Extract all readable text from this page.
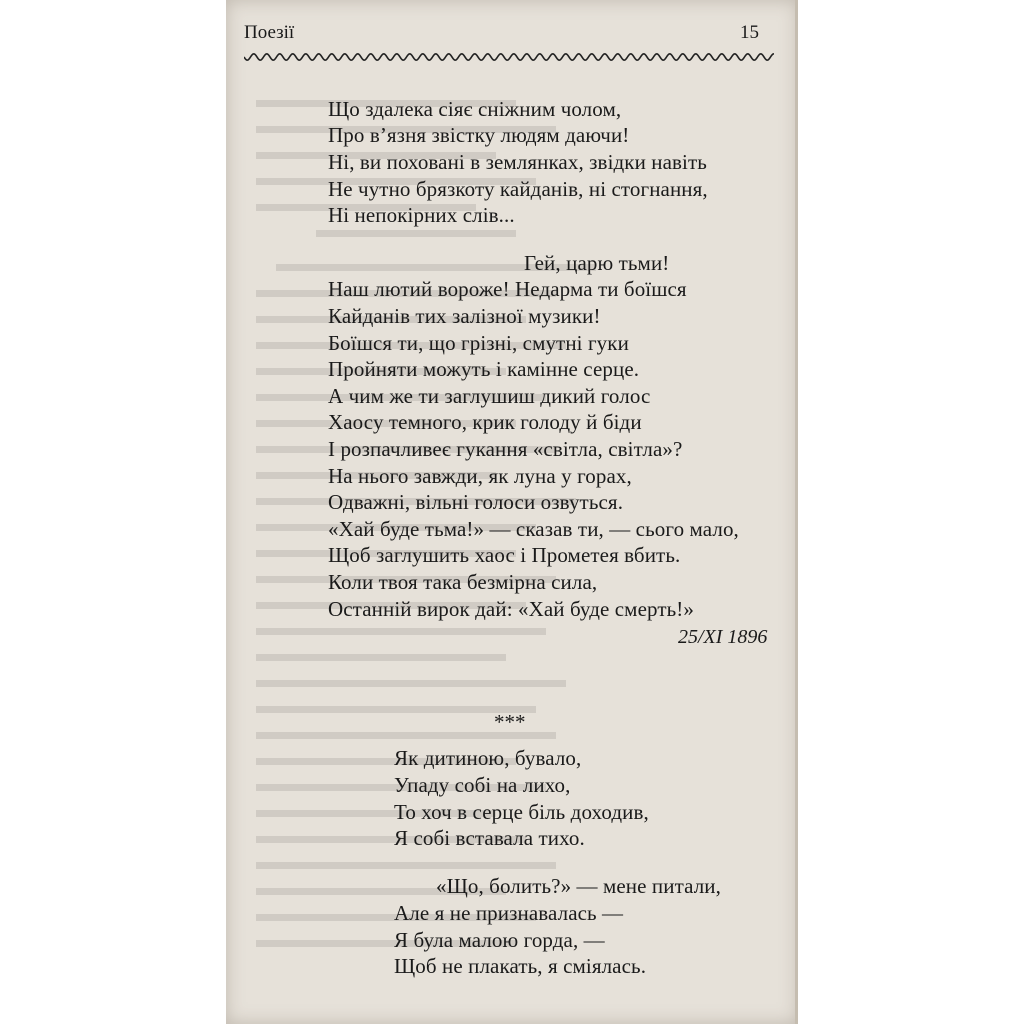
Поезії	15
Що здалека сіяє сніжним чолом,
Про в’язня звістку людям даючи!
Ні, ви поховані в землянках, звідки навіть
Не чутно брязкоту кайданів, ні стогнання,
Ні непокірних слів...
Гей, царю тьми!
Наш лютий вороже! Недарма ти боїшся
Кайданів тих залізної музики!
Боїшся ти, що грізні, смутні гуки
Пройняти можуть і камінне серце.
А чим же ти заглушиш дикий голос
Хаосу темного, крик голоду й біди
І розпачливеє гукання «світла, світла»?
На нього завжди, як луна у горах,
Одважні, вільні голоси озвуться.
«Хай буде тьма!» — сказав ти, — сього мало,
Щоб заглушить хаос і Прометея вбить.
Коли твоя така безмірна сила,
Останній вирок дай: «Хай буде смерть!»

25/XI 1896

***

Як дитиною, бувало,
Упаду собі на лихо,
То хоч в серце біль доходив,
Я собі вставала тихо.
«Що, болить?» — мене питали,
Але я не признавалась —
Я була малою горда, —
Щоб не плакать, я сміялась.
